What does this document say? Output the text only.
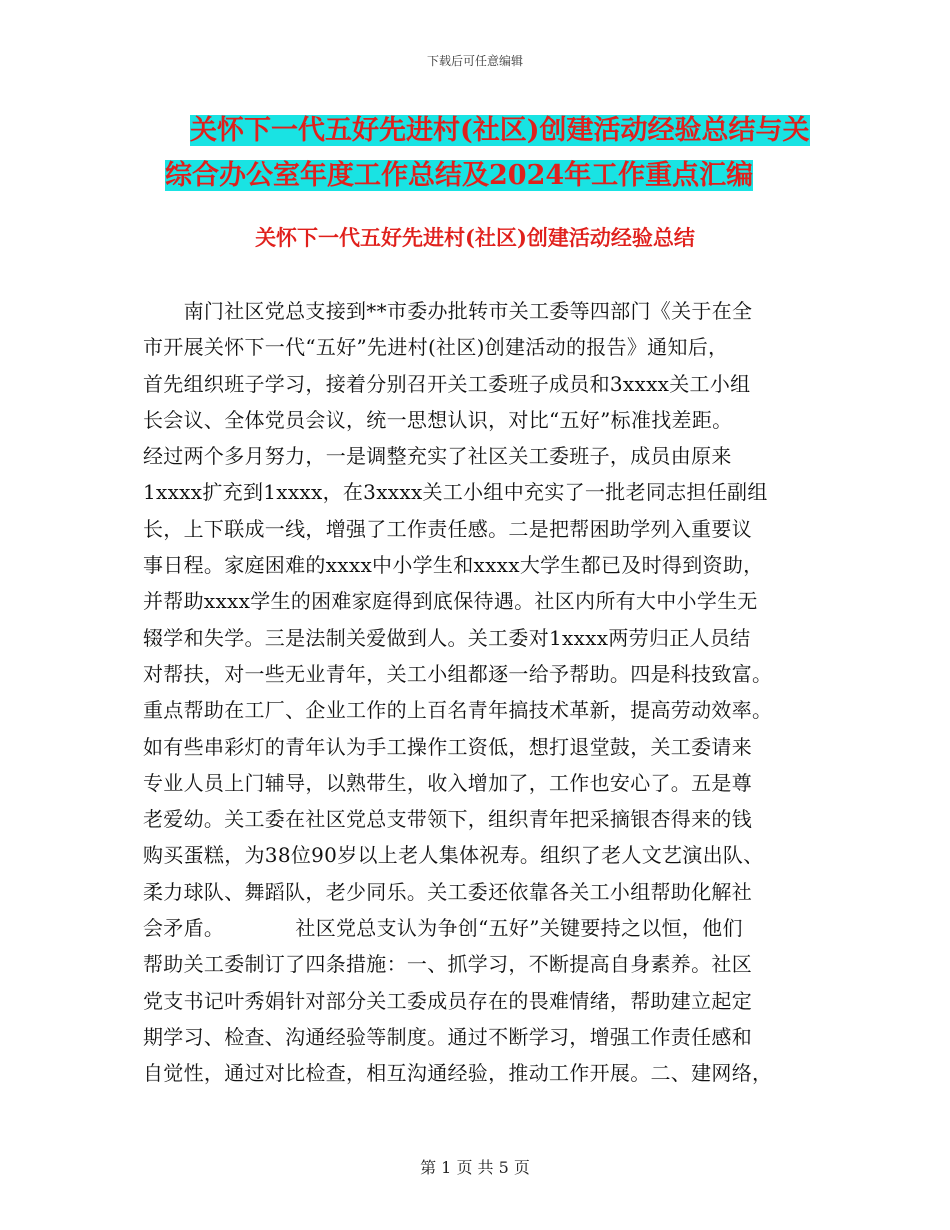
下载后可任意编辑
关怀下一代五好先进村(社区)创建活动经验总结与关
综合办公室年度工作总结及2024年工作重点汇编
关怀下一代五好先进村(社区)创建活动经验总结
　　南门社区党总支接到**市委办批转市关工委等四部门《关于在全
市开展关怀下一代“五好”先进村(社区)创建活动的报告》通知后，
首先组织班子学习，接着分别召开关工委班子成员和3xxxx关工小组
长会议、全体党员会议，统一思想认识，对比“五好”标准找差距。
经过两个多月努力，一是调整充实了社区关工委班子，成员由原来
1xxxx扩充到1xxxx，在3xxxx关工小组中充实了一批老同志担任副组
长，上下联成一线，增强了工作责任感。二是把帮困助学列入重要议
事日程。家庭困难的xxxx中小学生和xxxx大学生都已及时得到资助，
并帮助xxxx学生的困难家庭得到底保待遇。社区内所有大中小学生无
辍学和失学。三是法制关爱做到人。关工委对1xxxx两劳归正人员结
对帮扶，对一些无业青年，关工小组都逐一给予帮助。四是科技致富。
重点帮助在工厂、企业工作的上百名青年搞技术革新，提高劳动效率。
如有些串彩灯的青年认为手工操作工资低，想打退堂鼓，关工委请来
专业人员上门辅导，以熟带生，收入增加了，工作也安心了。五是尊
老爱幼。关工委在社区党总支带领下，组织青年把采摘银杏得来的钱
购买蛋糕，为38位90岁以上老人集体祝寿。组织了老人文艺演出队、
柔力球队、舞蹈队，老少同乐。关工委还依靠各关工小组帮助化解社
会矛盾。　　　　社区党总支认为争创“五好”关键要持之以恒，他们
帮助关工委制订了四条措施：一、抓学习，不断提高自身素养。社区
党支书记叶秀娟针对部分关工委成员存在的畏难情绪，帮助建立起定
期学习、检查、沟通经验等制度。通过不断学习，增强工作责任感和
自觉性，通过对比检查，相互沟通经验，推动工作开展。二、建网络，
第 1 页 共 5 页
